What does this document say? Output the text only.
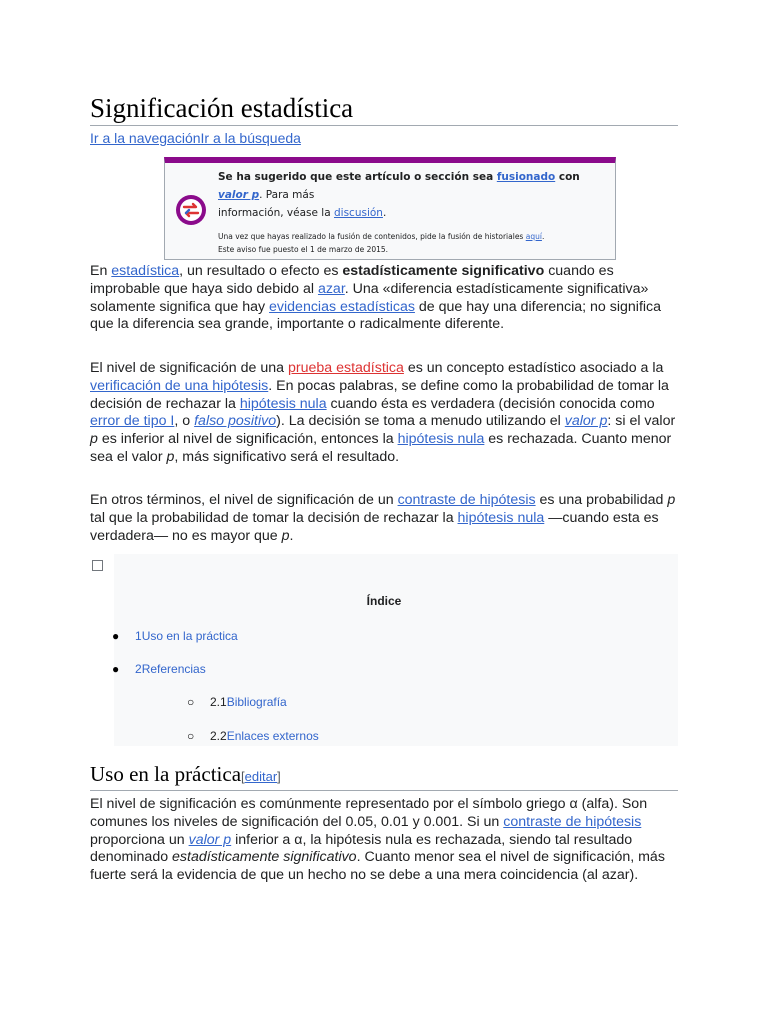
Significación estadística
Ir a la navegaciónIr a la búsqueda
Se ha sugerido que este artículo o sección sea fusionado con valor p. Para más
información, véase la discusión.
Una vez que hayas realizado la fusión de contenidos, pide la fusión de historiales aquí.
Este aviso fue puesto el 1 de marzo de 2015.

En estadística, un resultado o efecto es estadísticamente significativo cuando es improbable que haya sido debido al azar. Una «diferencia estadísticamente significativa» solamente significa que hay evidencias estadísticas de que hay una diferencia; no significa que la diferencia sea grande, importante o radicalmente diferente.

El nivel de significación de una prueba estadística es un concepto estadístico asociado a la verificación de una hipótesis. En pocas palabras, se define como la probabilidad de tomar la decisión de rechazar la hipótesis nula cuando ésta es verdadera (decisión conocida como error de tipo I, o falso positivo). La decisión se toma a menudo utilizando el valor p: si el valor p es inferior al nivel de significación, entonces la hipótesis nula es rechazada. Cuanto menor sea el valor p, más significativo será el resultado.

En otros términos, el nivel de significación de un contraste de hipótesis es una probabilidad p tal que la probabilidad de tomar la decisión de rechazar la hipótesis nula —cuando esta es verdadera— no es mayor que p.

Índice
● 1Uso en la práctica
● 2Referencias
○ 2.1Bibliografía
○ 2.2Enlaces externos
Uso en la práctica[editar]

El nivel de significación es comúnmente representado por el símbolo griego α (alfa). Son comunes los niveles de significación del 0.05, 0.01 y 0.001. Si un contraste de hipótesis proporciona un valor p inferior a α, la hipótesis nula es rechazada, siendo tal resultado denominado estadísticamente significativo. Cuanto menor sea el nivel de significación, más fuerte será la evidencia de que un hecho no se debe a una mera coincidencia (al azar).
